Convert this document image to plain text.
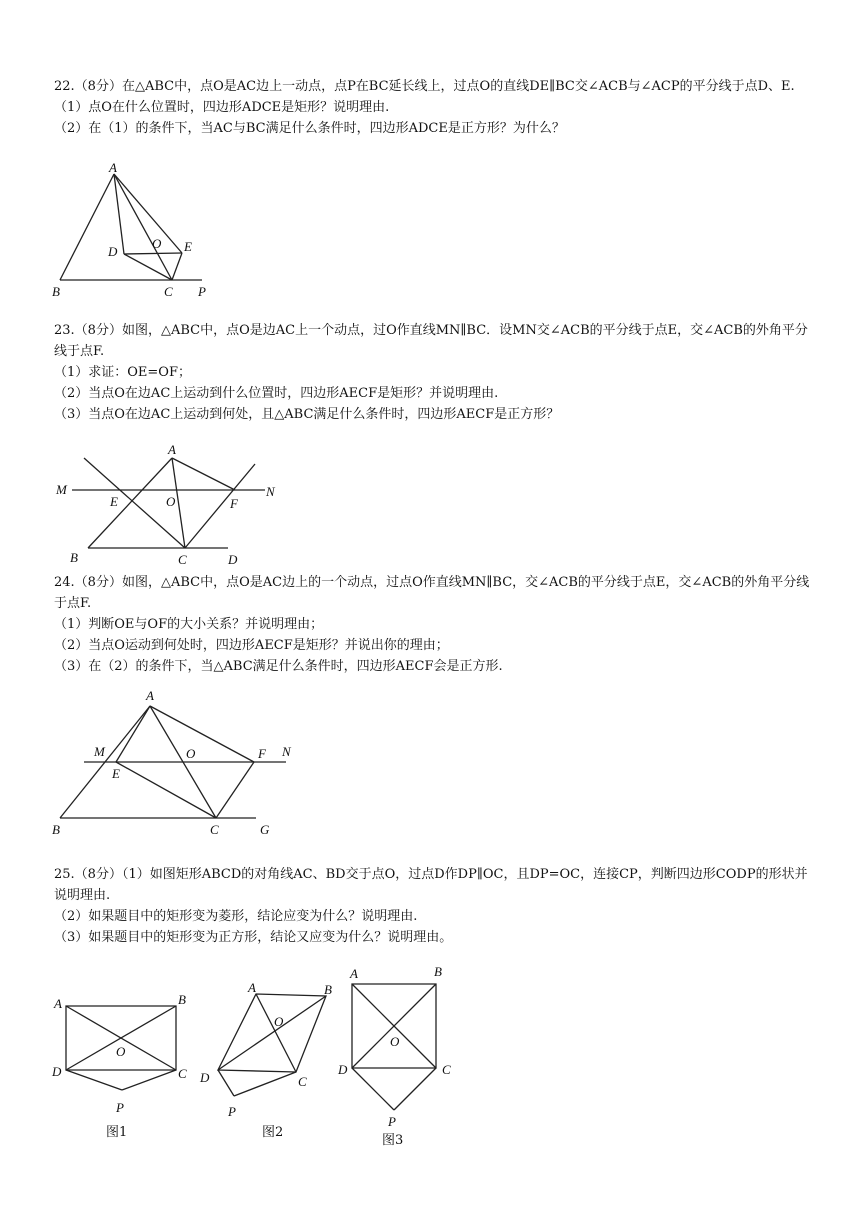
22.（8分）在△ABC中，点O是AC边上一动点，点P在BC延长线上，过点O的直线DE∥BC交∠ACB与∠ACP的平分线于点D、E.

（1）点O在什么位置时，四边形ADCE是矩形？说明理由.

（2）在（1）的条件下，当AC与BC满足什么条件时，四边形ADCE是正方形？为什么？

A
B	C
D	E
O
P

23.（8分）如图，△ABC中，点O是边AC上一个动点，过O作直线MN∥BC．设MN交∠ACB的平分线于点E，交∠ACB的外角平分线于点F.

（1）求证：OE=OF；

（2）当点O在边AC上运动到什么位置时，四边形AECF是矩形？并说明理由.

（3）当点O在边AC上运动到何处，且△ABC满足什么条件时，四边形AECF是正方形？

A
M	N
E	O	F
B	C	D

24.（8分）如图，△ABC中，点O是AC边上的一个动点，过点O作直线MN∥BC，交∠ACB的平分线于点E，交∠ACB的外角平分线于点F.

（1）判断OE与OF的大小关系？并说明理由；

（2）当点O运动到何处时，四边形AECF是矩形？并说出你的理由；

（3）在（2）的条件下，当△ABC满足什么条件时，四边形AECF会是正方形.

A
M	N
E
O	F
B	C	G

25.（8分）（1）如图矩形ABCD的对角线AC、BD交于点O，过点D作DP∥OC，且DP=OC，连接CP，判断四边形CODP的形状并说明理由.

（2）如果题目中的矩形变为菱形，结论应变为什么？说明理由.

（3）如果题目中的矩形变为正方形，结论又应变为什么？说明理由。

A	B
C
D
O
P
图1
A	B
C
D
O
P
图2
A	B
C
D
O
P
图3
